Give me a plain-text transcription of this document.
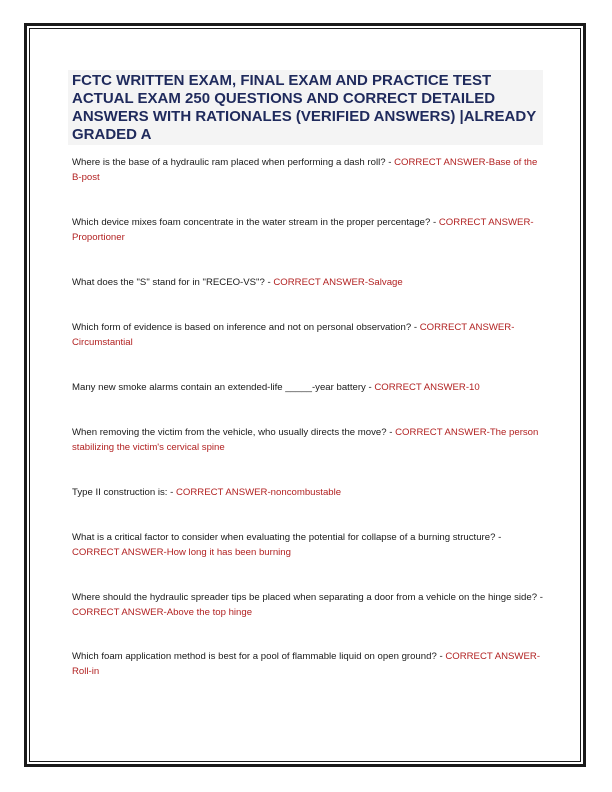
FCTC WRITTEN EXAM, FINAL EXAM AND PRACTICE TEST ACTUAL EXAM 250 QUESTIONS AND CORRECT DETAILED ANSWERS WITH RATIONALES (VERIFIED ANSWERS) |ALREADY GRADED A

Where is the base of a hydraulic ram placed when performing a dash roll? - CORRECT ANSWER-Base of the B-post

Which device mixes foam concentrate in the water stream in the proper percentage? - CORRECT ANSWER-Proportioner

What does the "S" stand for in "RECEO-VS"? - CORRECT ANSWER-Salvage

Which form of evidence is based on inference and not on personal observation? - CORRECT ANSWER-Circumstantial

Many new smoke alarms contain an extended-life _____-year battery - CORRECT ANSWER-10

When removing the victim from the vehicle, who usually directs the move? - CORRECT ANSWER-The person stabilizing the victim's cervical spine

Type II construction is: - CORRECT ANSWER-noncombustable

What is a critical factor to consider when evaluating the potential for collapse of a burning structure? - CORRECT ANSWER-How long it has been burning

Where should the hydraulic spreader tips be placed when separating a door from a vehicle on the hinge side? - CORRECT ANSWER-Above the top hinge

Which foam application method is best for a pool of flammable liquid on open ground? - CORRECT ANSWER-Roll-in
